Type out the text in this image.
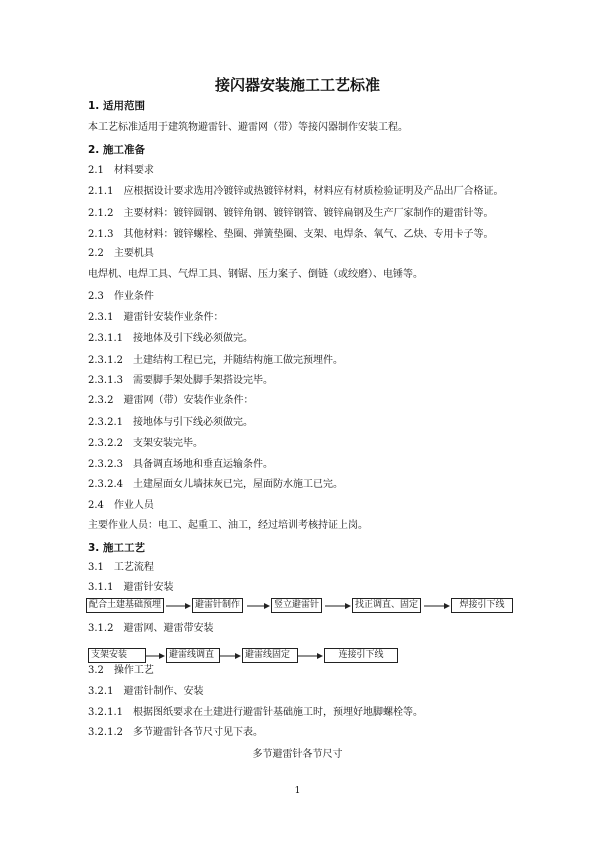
接闪器安装施工工艺标准
1. 适用范围
本工艺标准适用于建筑物避雷针、避雷网（带）等接闪器制作安装工程。
2. 施工准备
2.1　材料要求
2.1.1　应根据设计要求选用冷镀锌或热镀锌材料，材料应有材质检验证明及产品出厂合格证。
2.1.2　主要材料：镀锌圆钢、镀锌角钢、镀锌钢管、镀锌扁钢及生产厂家制作的避雷针等。
2.1.3　其他材料：镀锌螺栓、垫圈、弹簧垫圈、支架、电焊条、氧气、乙炔、专用卡子等。
2.2　主要机具
电焊机、电焊工具、气焊工具、钢锯、压力案子、倒链（或绞磨）、电锤等。
2.3　作业条件
2.3.1　避雷针安装作业条件：
2.3.1.1　接地体及引下线必须做完。
2.3.1.2　土建结构工程已完，并随结构施工做完预埋件。
2.3.1.3　需要脚手架处脚手架搭设完毕。
2.3.2　避雷网（带）安装作业条件：
2.3.2.1　接地体与引下线必须做完。
2.3.2.2　支架安装完毕。
2.3.2.3　具备调直场地和垂直运输条件。
2.3.2.4　土建屋面女儿墙抹灰已完，屋面防水施工已完。
2.4　作业人员
主要作业人员：电工、起重工、油工，经过培训考核持证上岗。
3. 施工工艺
3.1　工艺流程
3.1.1　避雷针安装
配合土建基础预埋	避雷针制作	竖立避雷针	找正调直、固定	焊接引下线
3.1.2　避雷网、避雷带安装
支架安装	避雷线调直	避雷线固定	连接引下线
3.2　操作工艺
3.2.1　避雷针制作、安装
3.2.1.1　根据图纸要求在土建进行避雷针基础施工时，预埋好地脚螺栓等。
3.2.1.2　多节避雷针各节尺寸见下表。
多节避雷针各节尺寸
1
